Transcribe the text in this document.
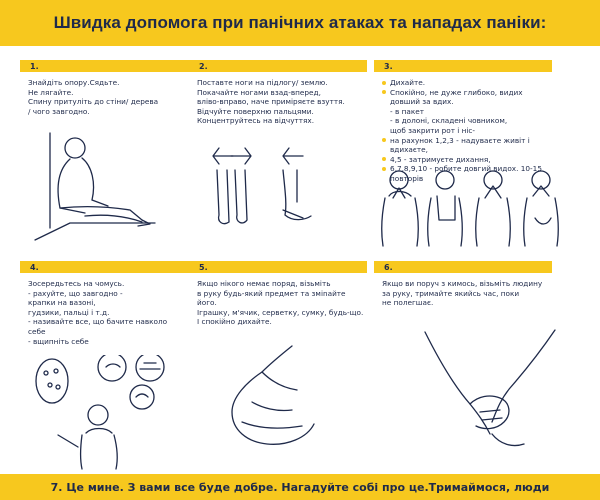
Швидка допомога при панічних атаках та нападах паніки:
1.

Знайдіть опору.Сядьте.

Не лягайте.

Спину притуліть до стіни/ дерева

/ чого завгодно.

2.

Поставте ноги на підлогу/ землю.

Покачайте ногами взад-вперед,

вліво-вправо, наче приміряєте взуття.

Відчуйте поверхню пальцями.

Концентруйтесь на відчуттях.

3.
Дихайте.
Спокійно, не дуже глибоко, видих довший за вдих.
- в пакет
- в долоні, складені човником,
щоб закрити рот і ніс-
на рахунок 1,2,3 - надуваєте живіт і вдихаєте,
4,5 - затримуєте дихання,
6,7,8,9,10 - робите довгий видох. 10-15 повторів
4.

Зосередьтесь на чомусь.

- рахуйте, що завгодно -

крапки на вазоні,

гудзики, пальці і т.д.

- називайте все, що бачите навколо

себе

- вщипніть себе

5.

Якщо нікого немає поряд, візьміть

в руку будь-який предмет та змinaйте його.

Іграшку, м'ячик, серветку, сумку, будь-що.

І спокійно дихайте.

6.

Якщо ви поруч з кимось, візьміть людину

за руку, тримайте якийсь час, поки

не полегшає.

7. Це мине. З вами все буде добре. Нагадуйте собі про це.Тримаймося, люди
